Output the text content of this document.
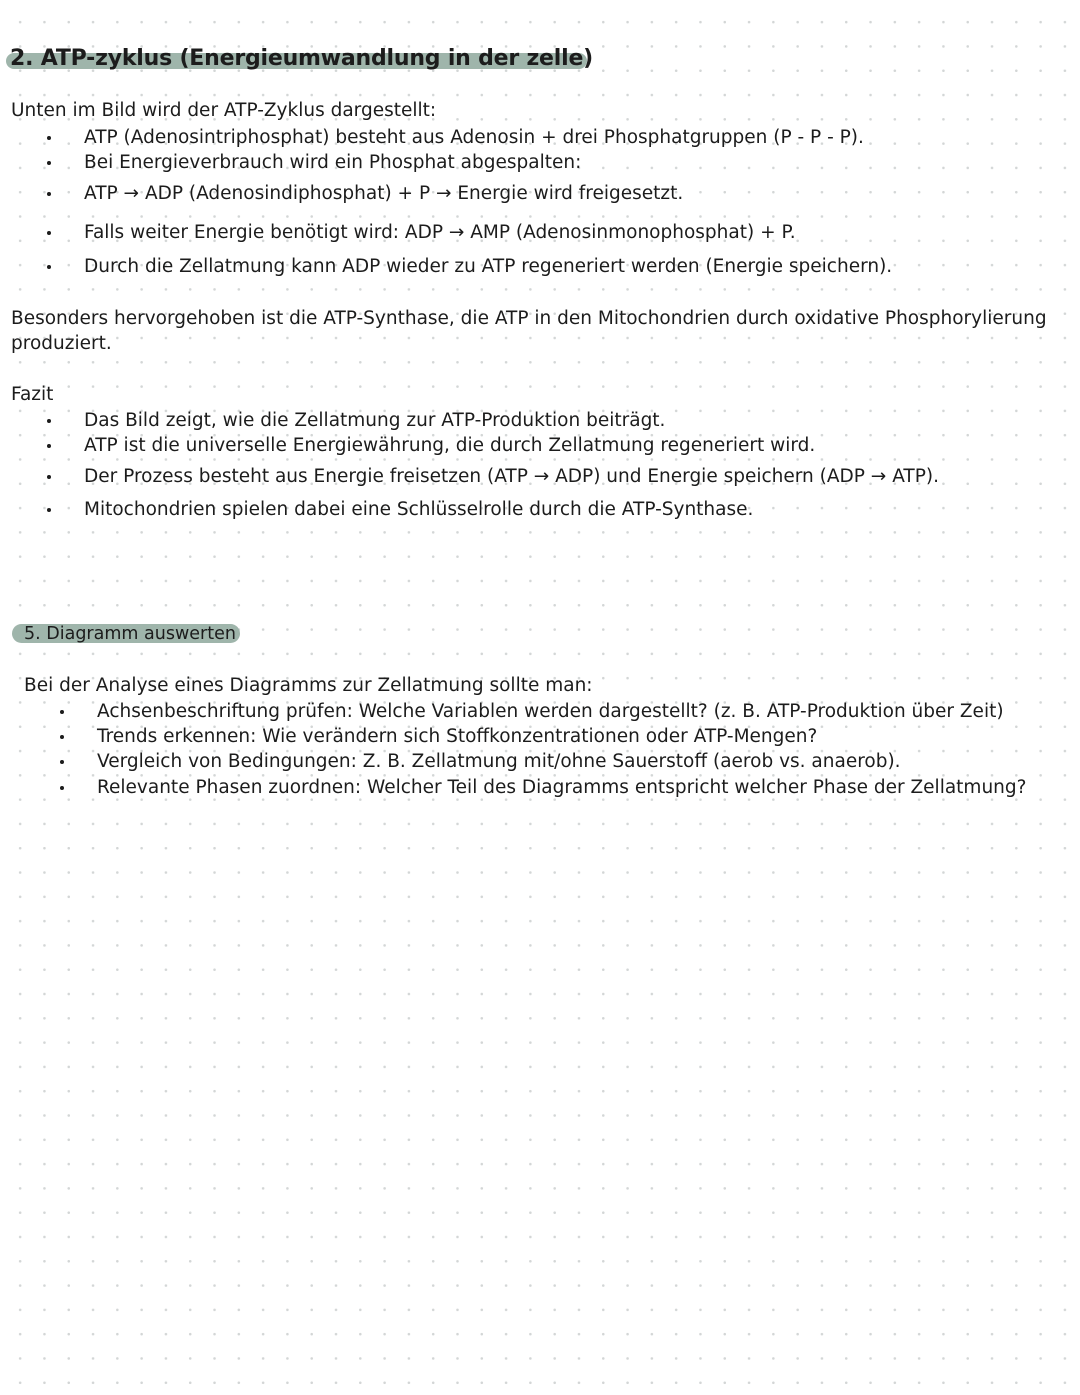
2. ATP-zyklus (Energieumwandlung in der zelle)
Unten im Bild wird der ATP-Zyklus dargestellt:
ATP (Adenosintriphosphat) besteht aus Adenosin + drei Phosphatgruppen (P - P - P).
Bei Energieverbrauch wird ein Phosphat abgespalten:
ATP → ADP (Adenosindiphosphat) + P → Energie wird freigesetzt.
Falls weiter Energie benötigt wird: ADP → AMP (Adenosinmonophosphat) + P.
Durch die Zellatmung kann ADP wieder zu ATP regeneriert werden (Energie speichern).
Besonders hervorgehoben ist die ATP-Synthase, die ATP in den Mitochondrien durch oxidative Phosphorylierung
produziert.
Fazit
Das Bild zeigt, wie die Zellatmung zur ATP-Produktion beiträgt.
ATP ist die universelle Energiewährung, die durch Zellatmung regeneriert wird.
Der Prozess besteht aus Energie freisetzen (ATP → ADP) und Energie speichern (ADP → ATP).
Mitochondrien spielen dabei eine Schlüsselrolle durch die ATP-Synthase.
5. Diagramm auswerten
Bei der Analyse eines Diagramms zur Zellatmung sollte man:
Achsenbeschriftung prüfen: Welche Variablen werden dargestellt? (z. B. ATP-Produktion über Zeit)
Trends erkennen: Wie verändern sich Stoffkonzentrationen oder ATP-Mengen?
Vergleich von Bedingungen: Z. B. Zellatmung mit/ohne Sauerstoff (aerob vs. anaerob).
Relevante Phasen zuordnen: Welcher Teil des Diagramms entspricht welcher Phase der Zellatmung?
